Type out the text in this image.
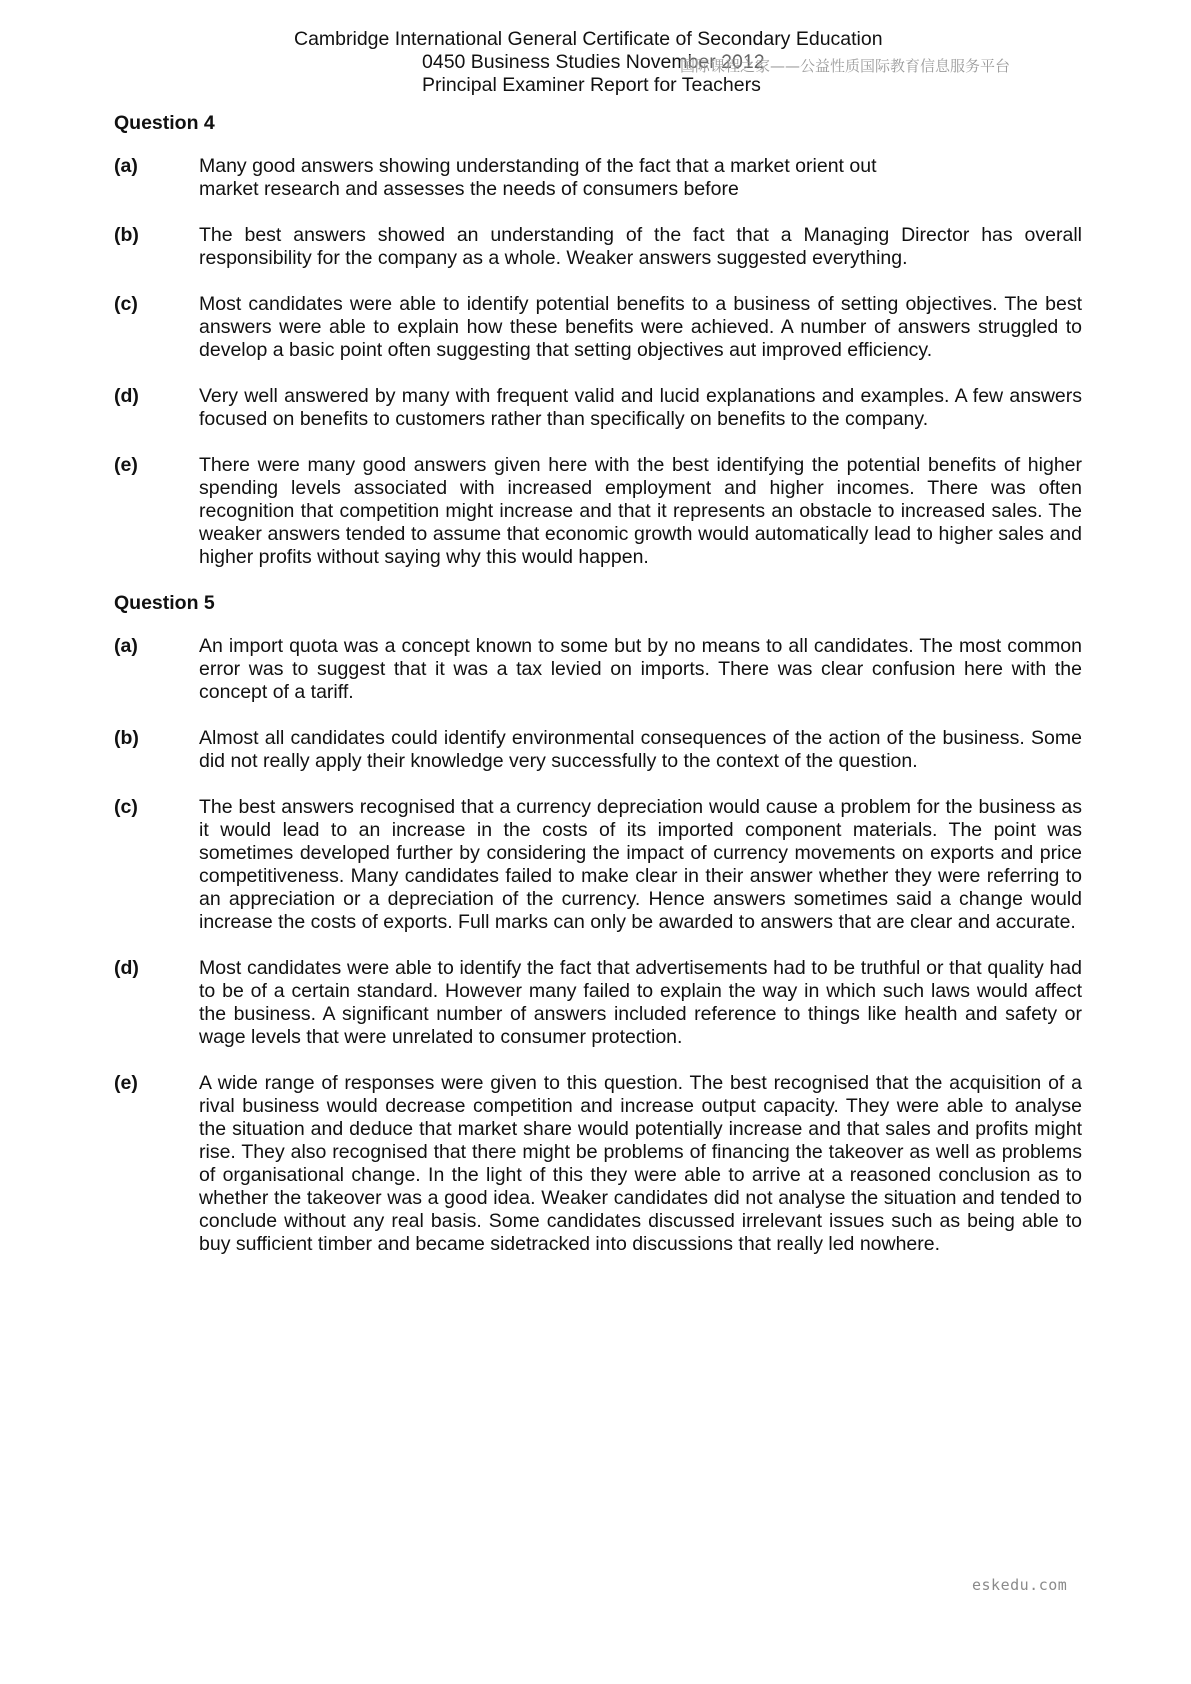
Cambridge International General Certificate of Secondary Education
0450 Business Studies November 2012
Principal Examiner Report for Teachers
国际课程之家——公益性质国际教育信息服务平台
Question 4
(a)	Many good answers showing understanding of the fact that a market orient out market research and assesses the needs of consumers before
(b)	The best answers showed an understanding of the fact that a Managing Director has overall responsibility for the company as a whole. Weaker answers suggested everything.
(c)	Most candidates were able to identify potential benefits to a business of setting objectives. The best answers were able to explain how these benefits were achieved. A number of answers struggled to develop a basic point often suggesting that setting objectives aut improved efficiency.
(d)	Very well answered by many with frequent valid and lucid explanations and examples. A few answers focused on benefits to customers rather than specifically on benefits to the company.
(e)	There were many good answers given here with the best identifying the potential benefits of higher spending levels associated with increased employment and higher incomes. There was often recognition that competition might increase and that it represents an obstacle to increased sales. The weaker answers tended to assume that economic growth would automatically lead to higher sales and higher profits without saying why this would happen.
Question 5
(a)	An import quota was a concept known to some but by no means to all candidates. The most common error was to suggest that it was a tax levied on imports. There was clear confusion here with the concept of a tariff.
(b)	Almost all candidates could identify environmental consequences of the action of the business. Some did not really apply their knowledge very successfully to the context of the question.
(c)	The best answers recognised that a currency depreciation would cause a problem for the business as it would lead to an increase in the costs of its imported component materials. The point was sometimes developed further by considering the impact of currency movements on exports and price competitiveness. Many candidates failed to make clear in their answer whether they were referring to an appreciation or a depreciation of the currency. Hence answers sometimes said a change would increase the costs of exports. Full marks can only be awarded to answers that are clear and accurate.
(d)	Most candidates were able to identify the fact that advertisements had to be truthful or that quality had to be of a certain standard. However many failed to explain the way in which such laws would affect the business. A significant number of answers included reference to things like health and safety or wage levels that were unrelated to consumer protection.
(e)	A wide range of responses were given to this question. The best recognised that the acquisition of a rival business would decrease competition and increase output capacity. They were able to analyse the situation and deduce that market share would potentially increase and that sales and profits might rise. They also recognised that there might be problems of financing the takeover as well as problems of organisational change. In the light of this they were able to arrive at a reasoned conclusion as to whether the takeover was a good idea. Weaker candidates did not analyse the situation and tended to conclude without any real basis. Some candidates discussed irrelevant issues such as being able to buy sufficient timber and became sidetracked into discussions that really led nowhere.
eskedu.com
